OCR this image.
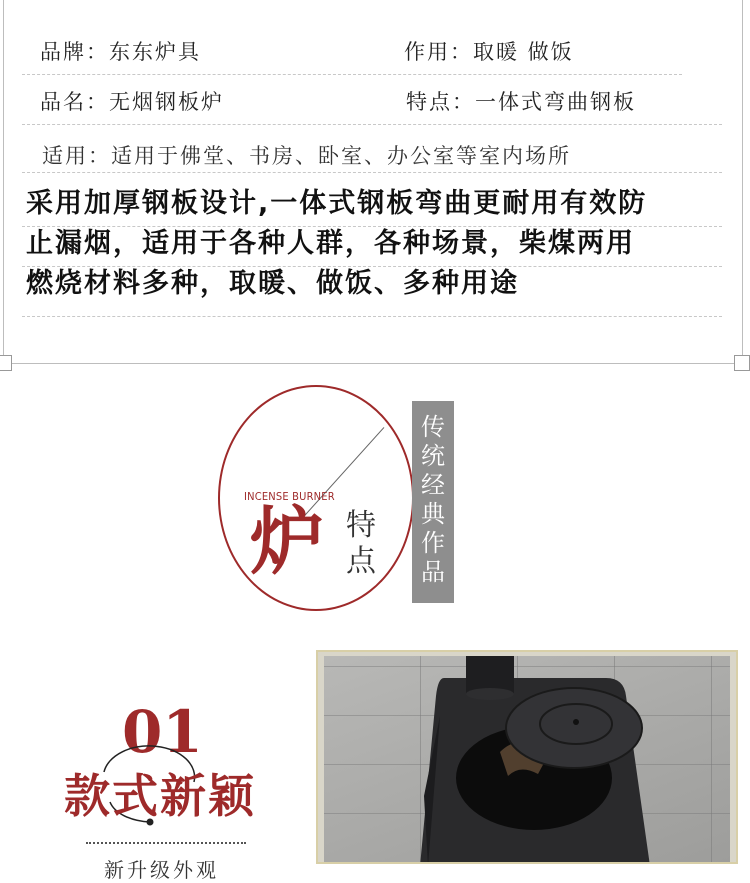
品牌：东东炉具	作用：取暖 做饭
品名：无烟钢板炉	特点：一体式弯曲钢板
适用：适用于佛堂、书房、卧室、办公室等室内场所
采用加厚钢板设计,一体式钢板弯曲更耐用有效防
止漏烟，适用于各种人群，各种场景，柴煤两用
燃烧材料多种，取暖、做饭、多种用途
INCENSE BURNER
炉 特点
传统经典作品
01
款式新颖
新升级外观
